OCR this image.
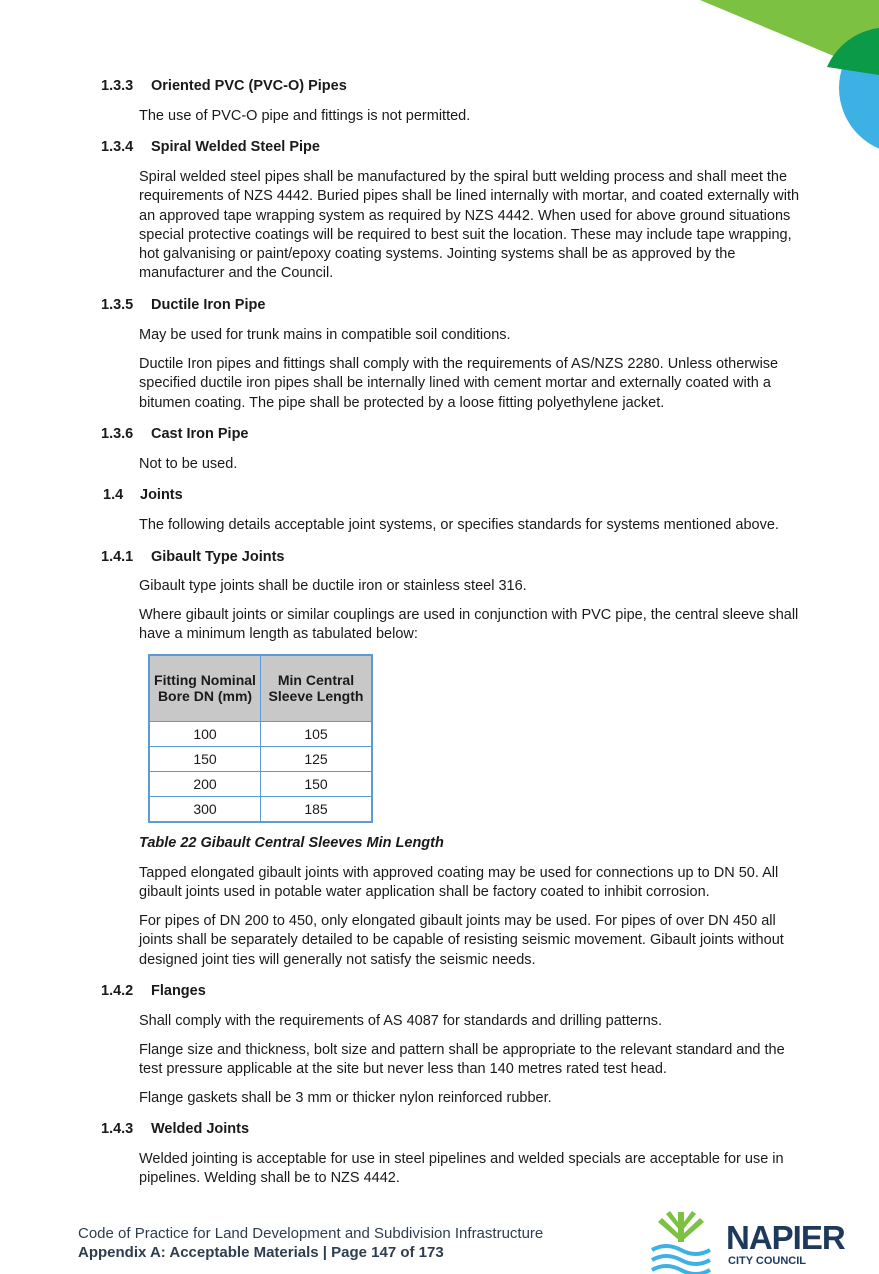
1.3.3 Oriented PVC (PVC-O) Pipes
The use of PVC-O pipe and fittings is not permitted.
1.3.4 Spiral Welded Steel Pipe
Spiral welded steel pipes shall be manufactured by the spiral butt welding process and shall meet the requirements of NZS 4442. Buried pipes shall be lined internally with mortar, and coated externally with an approved tape wrapping system as required by NZS 4442. When used for above ground situations special protective coatings will be required to best suit the location. These may include tape wrapping, hot galvanising or paint/epoxy coating systems. Jointing systems shall be as approved by the manufacturer and the Council.
1.3.5 Ductile Iron Pipe
May be used for trunk mains in compatible soil conditions.
Ductile Iron pipes and fittings shall comply with the requirements of AS/NZS 2280. Unless otherwise specified ductile iron pipes shall be internally lined with cement mortar and externally coated with a bitumen coating. The pipe shall be protected by a loose fitting polyethylene jacket.
1.3.6 Cast Iron Pipe
Not to be used.
1.4 Joints
The following details acceptable joint systems, or specifies standards for systems mentioned above.
1.4.1 Gibault Type Joints
Gibault type joints shall be ductile iron or stainless steel 316.
Where gibault joints or similar couplings are used in conjunction with PVC pipe, the central sleeve shall have a minimum length as tabulated below:
Fitting Nominal Bore DN (mm)	Min Central Sleeve Length
100	105
150	125
200	150
300	185
Table 22 Gibault Central Sleeves Min Length
Tapped elongated gibault joints with approved coating may be used for connections up to DN 50. All gibault joints used in potable water application shall be factory coated to inhibit corrosion.
For pipes of DN 200 to 450, only elongated gibault joints may be used. For pipes of over DN 450 all joints shall be separately detailed to be capable of resisting seismic movement. Gibault joints without designed joint ties will generally not satisfy the seismic needs.
1.4.2 Flanges
Shall comply with the requirements of AS 4087 for standards and drilling patterns.
Flange size and thickness, bolt size and pattern shall be appropriate to the relevant standard and the test pressure applicable at the site but never less than 140 metres rated test head.
Flange gaskets shall be 3 mm or thicker nylon reinforced rubber.
1.4.3 Welded Joints
Welded jointing is acceptable for use in steel pipelines and welded specials are acceptable for use in pipelines. Welding shall be to NZS 4442.
Code of Practice for Land Development and Subdivision Infrastructure
Appendix A: Acceptable Materials | Page 147 of 173	NAPIER
CITY COUNCIL
